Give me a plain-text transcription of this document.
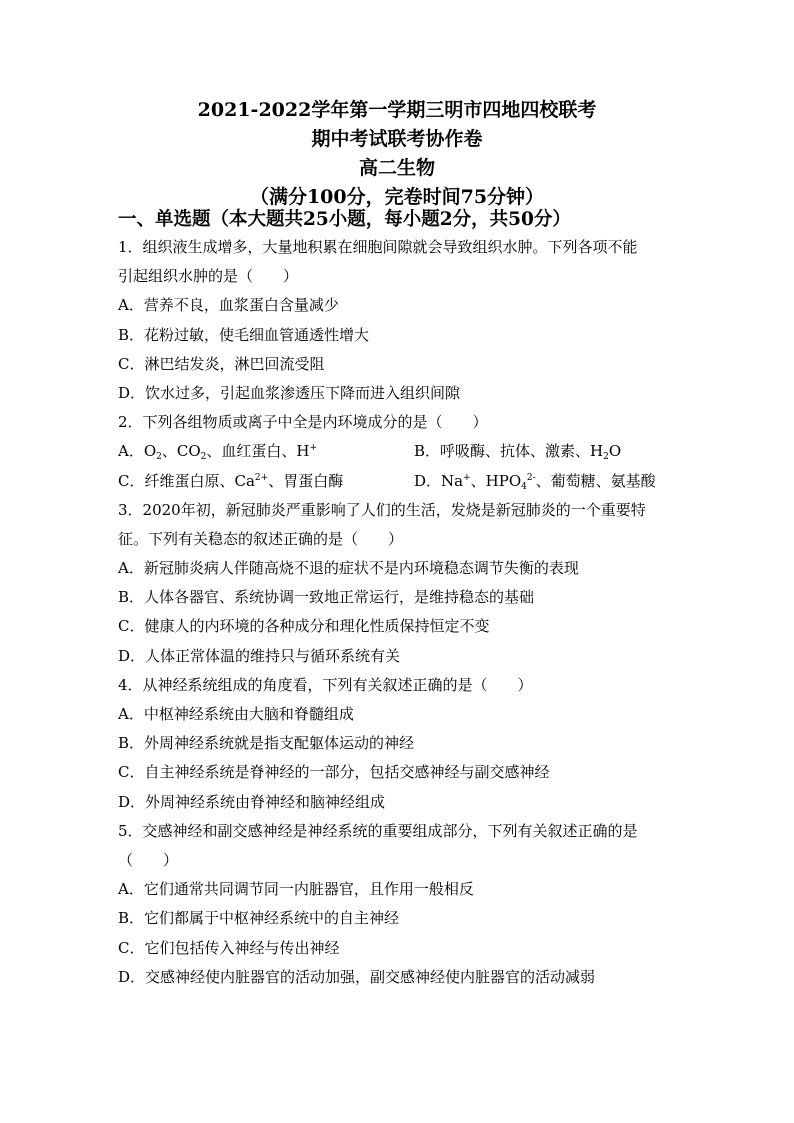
2021-2022学年第一学期三明市四地四校联考
期中考试联考协作卷
高二生物
（满分100分，完卷时间75分钟）
一、单选题（本大题共25小题，每小题2分，共50分）
1．组织液生成增多，大量地积累在细胞间隙就会导致组织水肿。下列各项不能
引起组织水肿的是（　　）
A．营养不良，血浆蛋白含量减少
B．花粉过敏，使毛细血管通透性增大
C．淋巴结发炎，淋巴回流受阻
D．饮水过多，引起血浆渗透压下降而进入组织间隙
2．下列各组物质或离子中全是内环境成分的是（　　）
A．$O_2$、$CO_2$、血红蛋白、H+	B．呼吸酶、抗体、激素、$H_2O$
C．纤维蛋白原、$Ca^{2+}$、胃蛋白酶	D．Na+、$HPO_4^{2-}$、葡萄糖、氨基酸
3．2020年初，新冠肺炎严重影响了人们的生活，发烧是新冠肺炎的一个重要特
征。下列有关稳态的叙述正确的是（　　）
A．新冠肺炎病人伴随高烧不退的症状不是内环境稳态调节失衡的表现
B．人体各器官、系统协调一致地正常运行，是维持稳态的基础
C．健康人的内环境的各种成分和理化性质保持恒定不变
D．人体正常体温的维持只与循环系统有关
4．从神经系统组成的角度看，下列有关叙述正确的是（　　）
A．中枢神经系统由大脑和脊髓组成
B．外周神经系统就是指支配躯体运动的神经
C．自主神经系统是脊神经的一部分，包括交感神经与副交感神经
D．外周神经系统由脊神经和脑神经组成
5．交感神经和副交感神经是神经系统的重要组成部分，下列有关叙述正确的是
（　　）
A．它们通常共同调节同一内脏器官，且作用一般相反
B．它们都属于中枢神经系统中的自主神经
C．它们包括传入神经与传出神经
D．交感神经使内脏器官的活动加强，副交感神经使内脏器官的活动减弱
